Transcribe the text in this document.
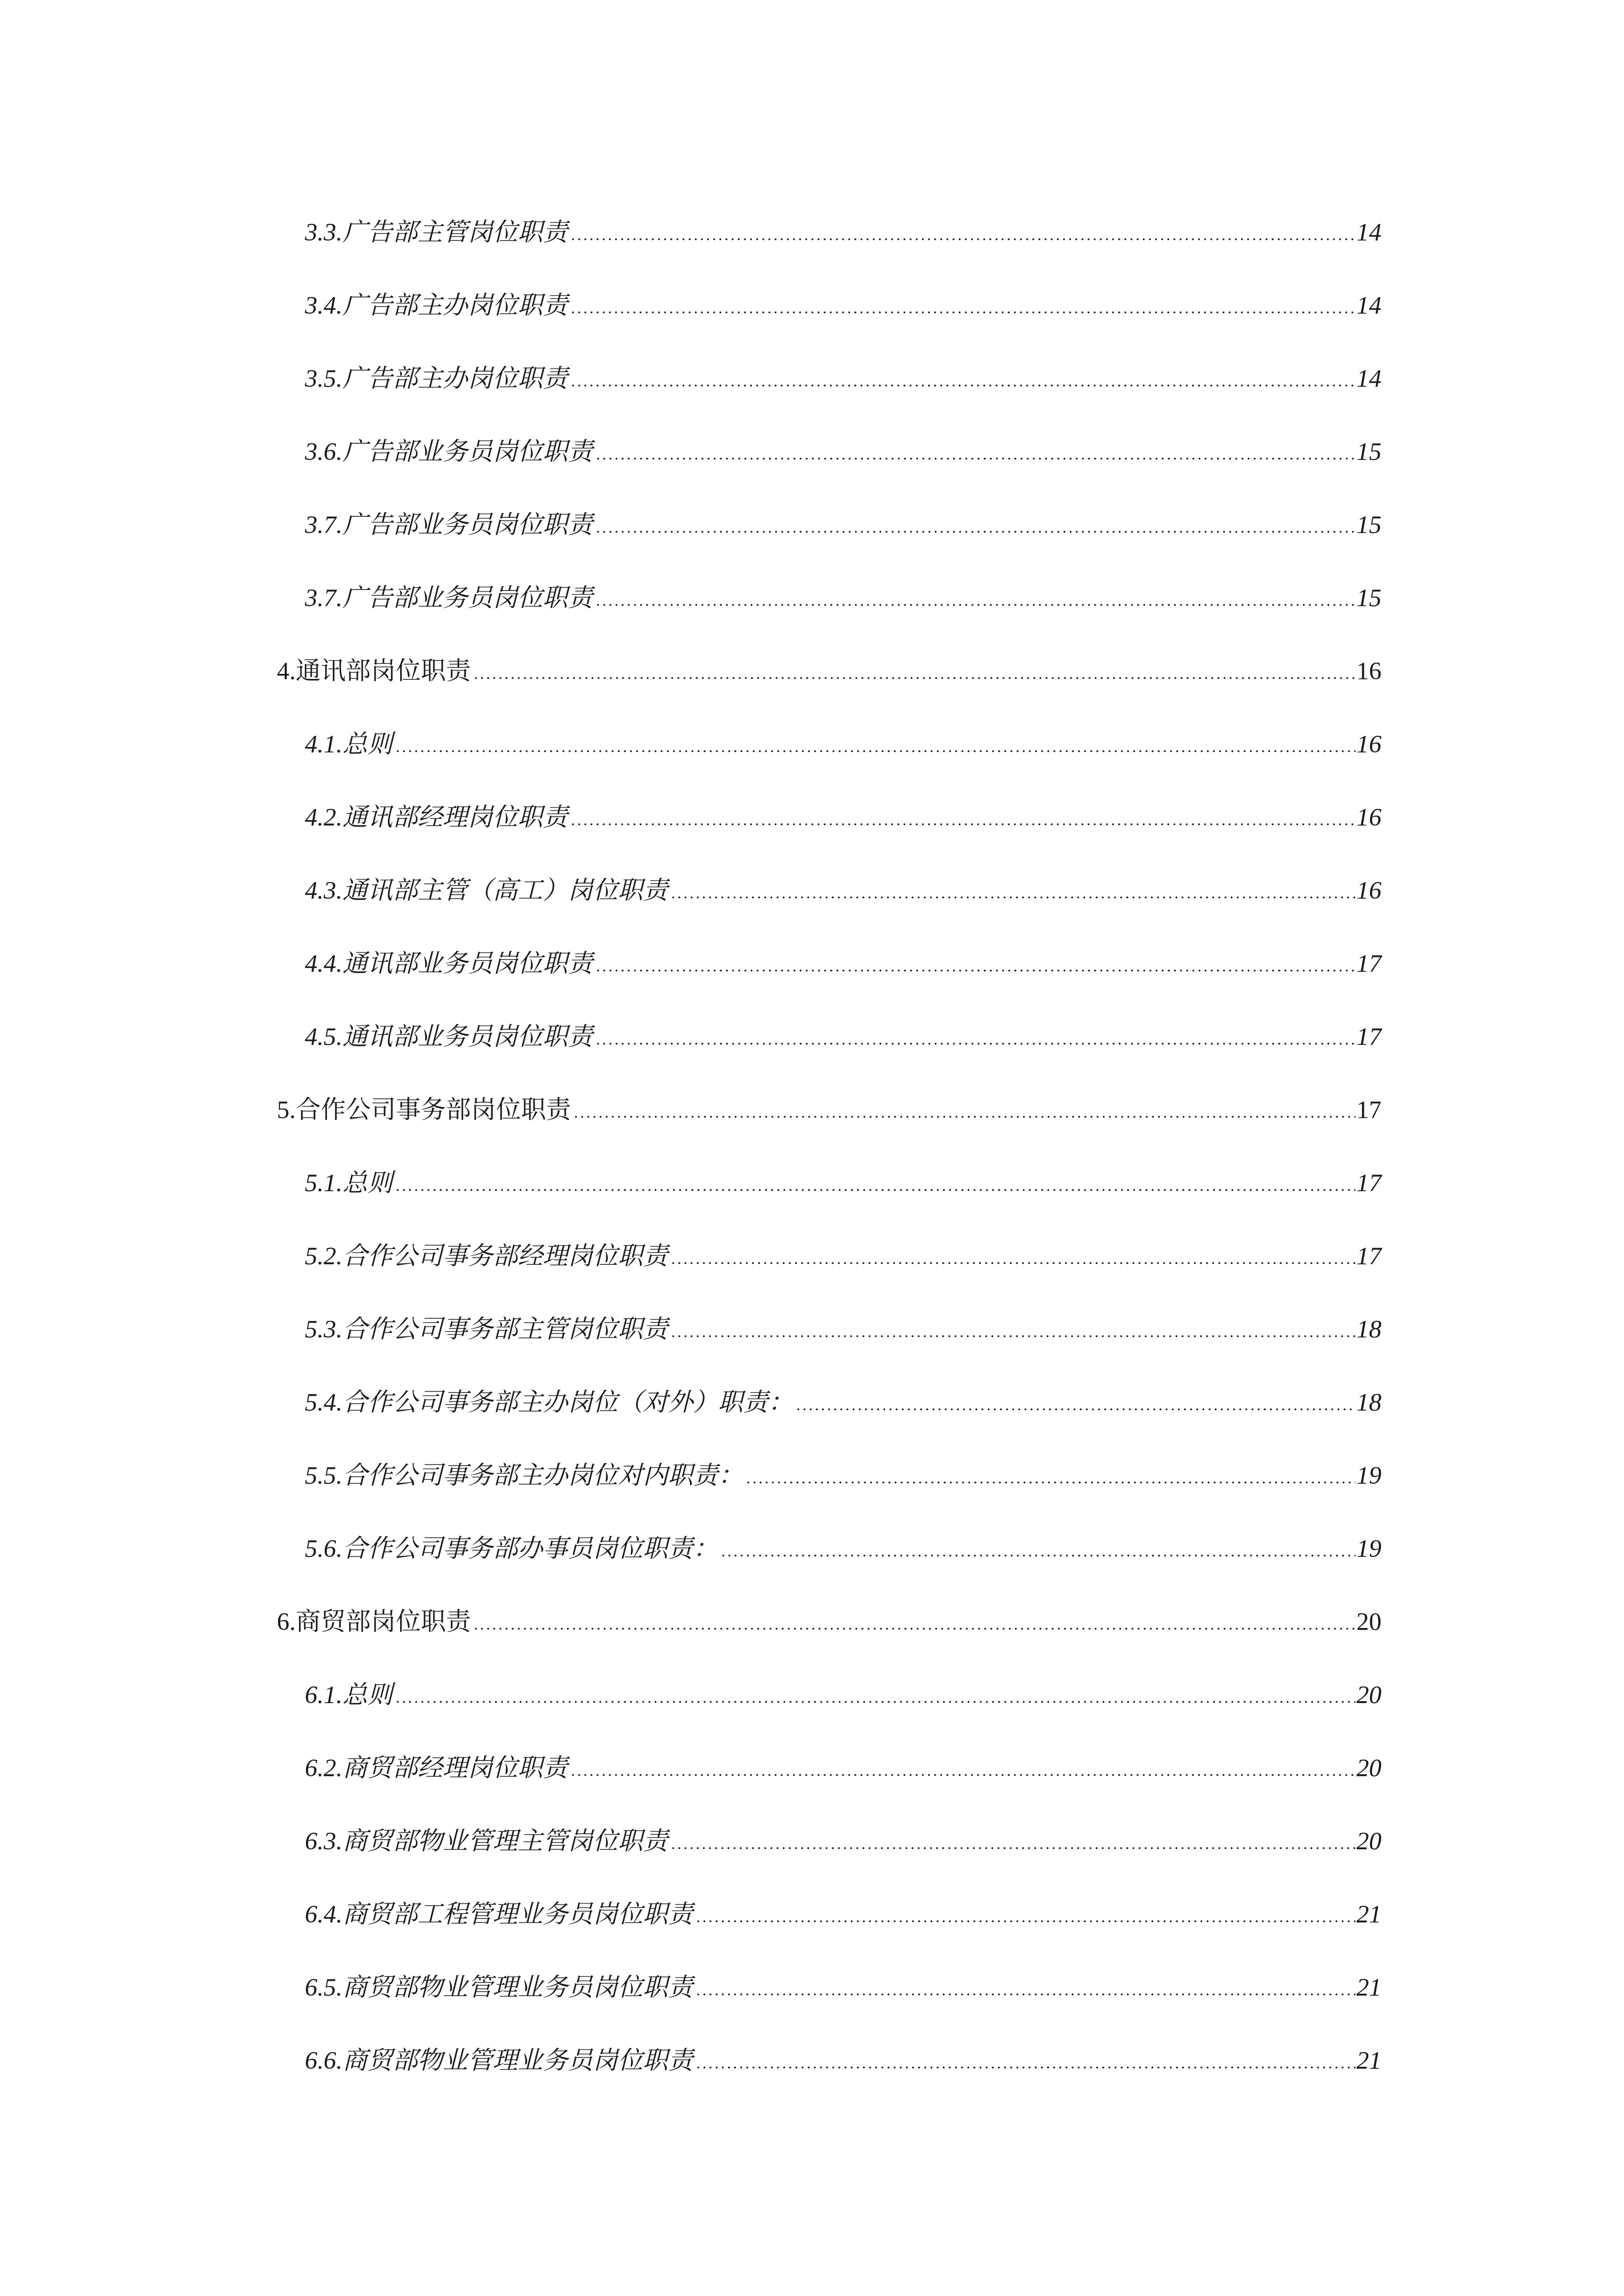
3.3.广告部主管岗位职责	14
3.4.广告部主办岗位职责	14
3.5.广告部主办岗位职责	14
3.6.广告部业务员岗位职责	15
3.7.广告部业务员岗位职责	15
3.7.广告部业务员岗位职责	15
4.通讯部岗位职责	16
4.1.总则	16
4.2.通讯部经理岗位职责	16
4.3.通讯部主管（高工）岗位职责	16
4.4.通讯部业务员岗位职责	17
4.5.通讯部业务员岗位职责	17
5.合作公司事务部岗位职责	17
5.1.总则	17
5.2.合作公司事务部经理岗位职责	17
5.3.合作公司事务部主管岗位职责	18
5.4.合作公司事务部主办岗位（对外）职责：	18
5.5.合作公司事务部主办岗位对内职责：	19
5.6.合作公司事务部办事员岗位职责：	19
6.商贸部岗位职责	20
6.1.总则	20
6.2.商贸部经理岗位职责	20
6.3.商贸部物业管理主管岗位职责	20
6.4.商贸部工程管理业务员岗位职责	21
6.5.商贸部物业管理业务员岗位职责	21
6.6.商贸部物业管理业务员岗位职责	21
